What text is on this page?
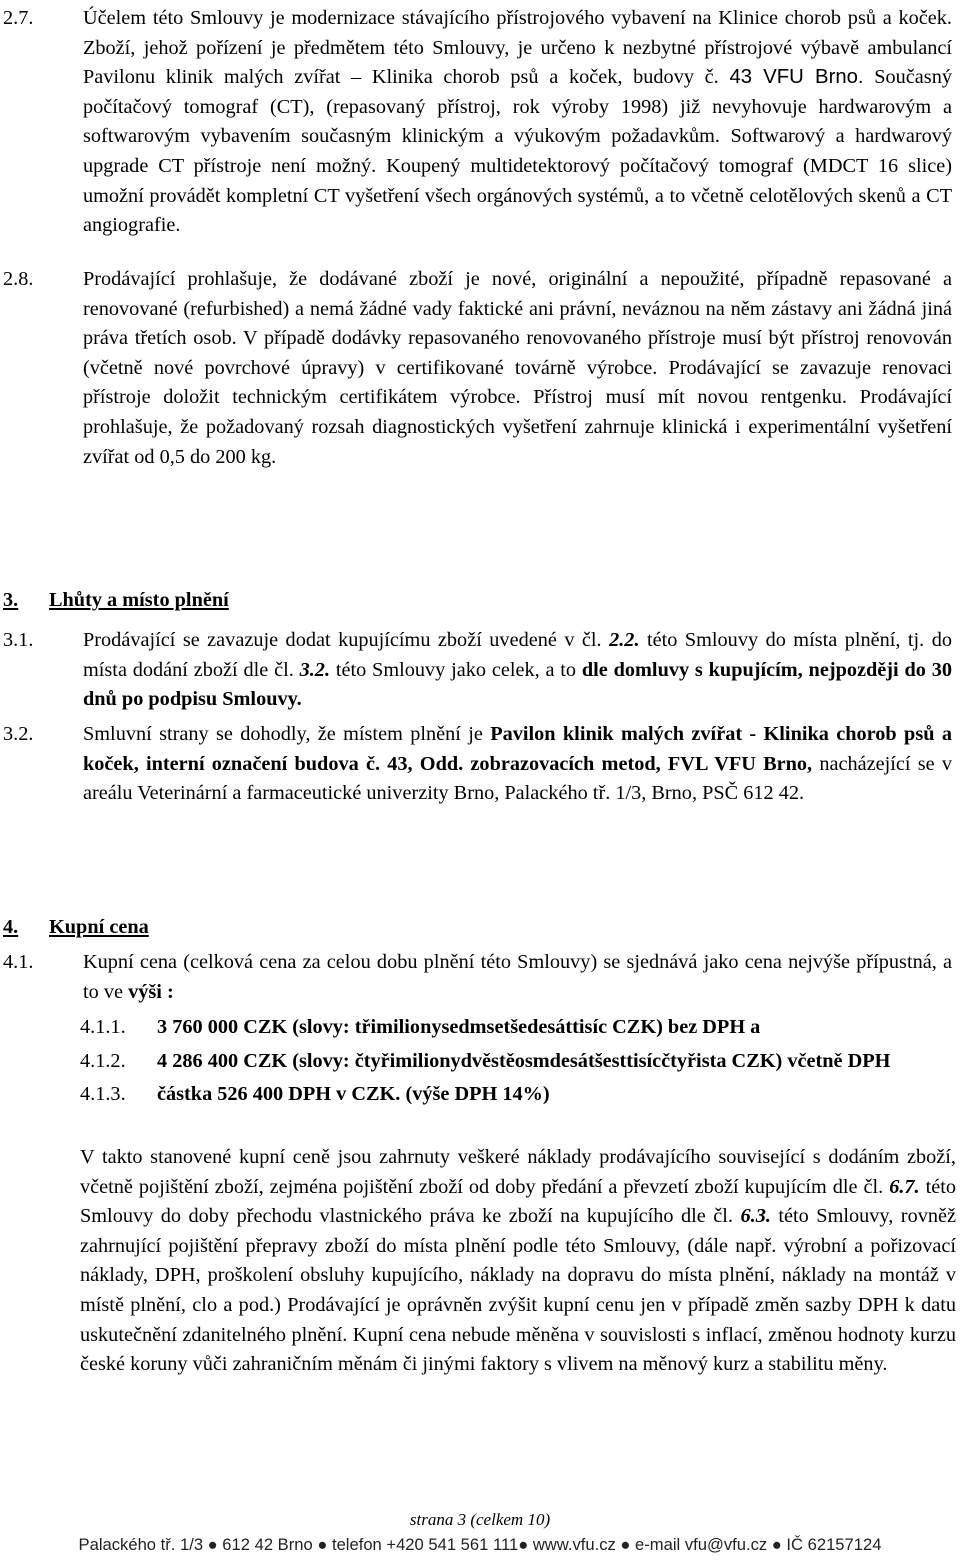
2.7.	Účelem této Smlouvy je modernizace stávajícího přístrojového vybavení na Klinice chorob psů a koček. Zboží, jehož pořízení je předmětem této Smlouvy, je určeno k nezbytné přístrojové výbavě ambulancí Pavilonu klinik malých zvířat – Klinika chorob psů a koček, budovy č. 43 VFU Brno. Současný počítačový tomograf (CT), (repasovaný přístroj, rok výroby 1998) již nevyhovuje hardwarovým a softwarovým vybavením současným klinickým a výukovým požadavkům. Softwarový a hardwarový upgrade CT přístroje není možný. Koupený multidetektorový počítačový tomograf (MDCT 16 slice) umožní provádět kompletní CT vyšetření všech orgánových systémů, a to včetně celotělových skenů a CT angiografie.
2.8.	Prodávající prohlašuje, že dodávané zboží je nové, originální a nepoužité, případně repasované a renovované (refurbished) a nemá žádné vady faktické ani právní, neváznou na něm zástavy ani žádná jiná práva třetích osob. V případě dodávky repasovaného renovovaného přístroje musí být přístroj renovován (včetně nové povrchové úpravy) v certifikované továrně výrobce. Prodávající se zavazuje renovaci přístroje doložit technickým certifikátem výrobce. Přístroj musí mít novou rentgenku. Prodávající prohlašuje, že požadovaný rozsah diagnostických vyšetření zahrnuje klinická i experimentální vyšetření zvířat od 0,5 do 200 kg.
3.	Lhůty a místo plnění
3.1.	Prodávající se zavazuje dodat kupujícímu zboží uvedené v čl. 2.2. této Smlouvy do místa plnění, tj. do místa dodání zboží dle čl. 3.2. této Smlouvy jako celek, a to dle domluvy s kupujícím, nejpozději do 30 dnů po podpisu Smlouvy.
3.2.	Smluvní strany se dohodly, že místem plnění je Pavilon klinik malých zvířat - Klinika chorob psů a koček, interní označení budova č. 43, Odd. zobrazovacích metod, FVL VFU Brno, nacházející se v areálu Veterinární a farmaceutické univerzity Brno, Palackého tř. 1/3, Brno, PSČ 612 42.
4.	Kupní cena
4.1.	Kupní cena (celková cena za celou dobu plnění této Smlouvy) se sjednává jako cena nejvýše přípustná, a to ve výši :
4.1.1.	3 760 000 CZK (slovy: třimilionysedmsetšedesáttisíc CZK) bez DPH a
4.1.2.	4 286 400 CZK (slovy: čtyřimilionydvěstěosmdesátšesttisícčtyřista CZK) včetně DPH
4.1.3.	částka 526 400 DPH v CZK. (výše DPH 14%)
V takto stanovené kupní ceně jsou zahrnuty veškeré náklady prodávajícího související s dodáním zboží, včetně pojištění zboží, zejména pojištění zboží od doby předání a převzetí zboží kupujícím dle čl. 6.7. této Smlouvy do doby přechodu vlastnického práva ke zboží na kupujícího dle čl. 6.3. této Smlouvy, rovněž zahrnující pojištění přepravy zboží do místa plnění podle této Smlouvy, (dále např. výrobní a pořizovací náklady, DPH, proškolení obsluhy kupujícího, náklady na dopravu do místa plnění, náklady na montáž v místě plnění, clo a pod.) Prodávající je oprávněn zvýšit kupní cenu jen v případě změn sazby DPH k datu uskutečnění zdanitelného plnění. Kupní cena nebude měněna v souvislosti s inflací, změnou hodnoty kurzu české koruny vůči zahraničním měnám či jinými faktory s vlivem na měnový kurz a stabilitu měny.
strana 3 (celkem 10)
Palackého tř. 1/3 ● 612 42 Brno ● telefon +420 541 561 111● www.vfu.cz ● e-mail vfu@vfu.cz ● IČ 62157124
